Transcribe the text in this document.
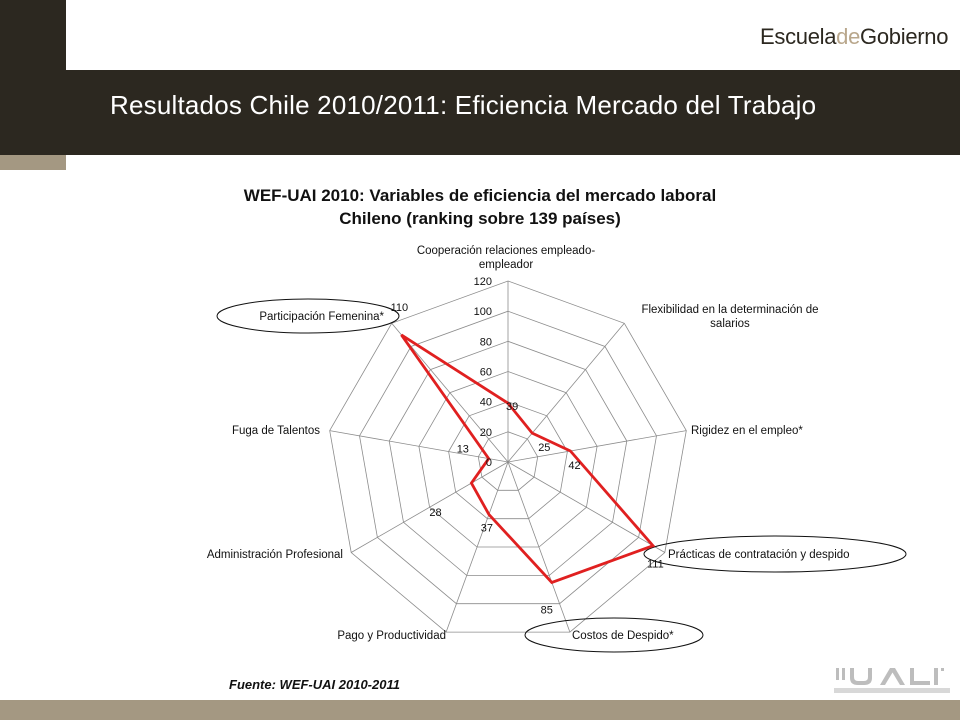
EscueladeGobierno
Resultados Chile 2010/2011: Eficiencia Mercado del Trabajo
WEF-UAI 2010: Variables de eficiencia del mercado laboral
Chileno (ranking sobre 139 países)
0
20
40
60
80
100
120
Cooperación relaciones empleado-empleador
Flexibilidad en la determinación de salarios
Rigidez en el empleo*
Prácticas de contratación y despido
Costos de Despido*
Pago y Productividad
Administración Profesional
Fuga de Talentos
Participación Femenina*
39
25
42
111
85
37
28
13
110
Fuente: WEF-UAI 2010-2011
